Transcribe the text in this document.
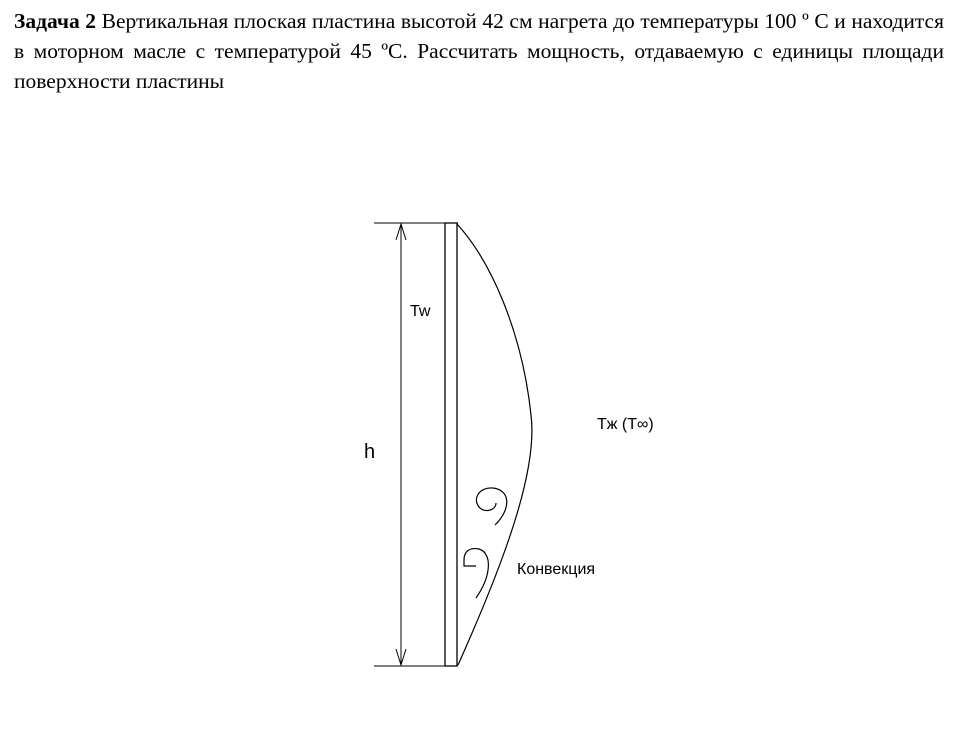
Задача 2 Вертикальная плоская пластина высотой 42 см нагрета до температуры 100 º С и находится в моторном масле с температурой 45 ºС. Рассчитать мощность, отдаваемую с единицы площади поверхности пластины
Tw
h
Tж (T∞)
Конвекция
